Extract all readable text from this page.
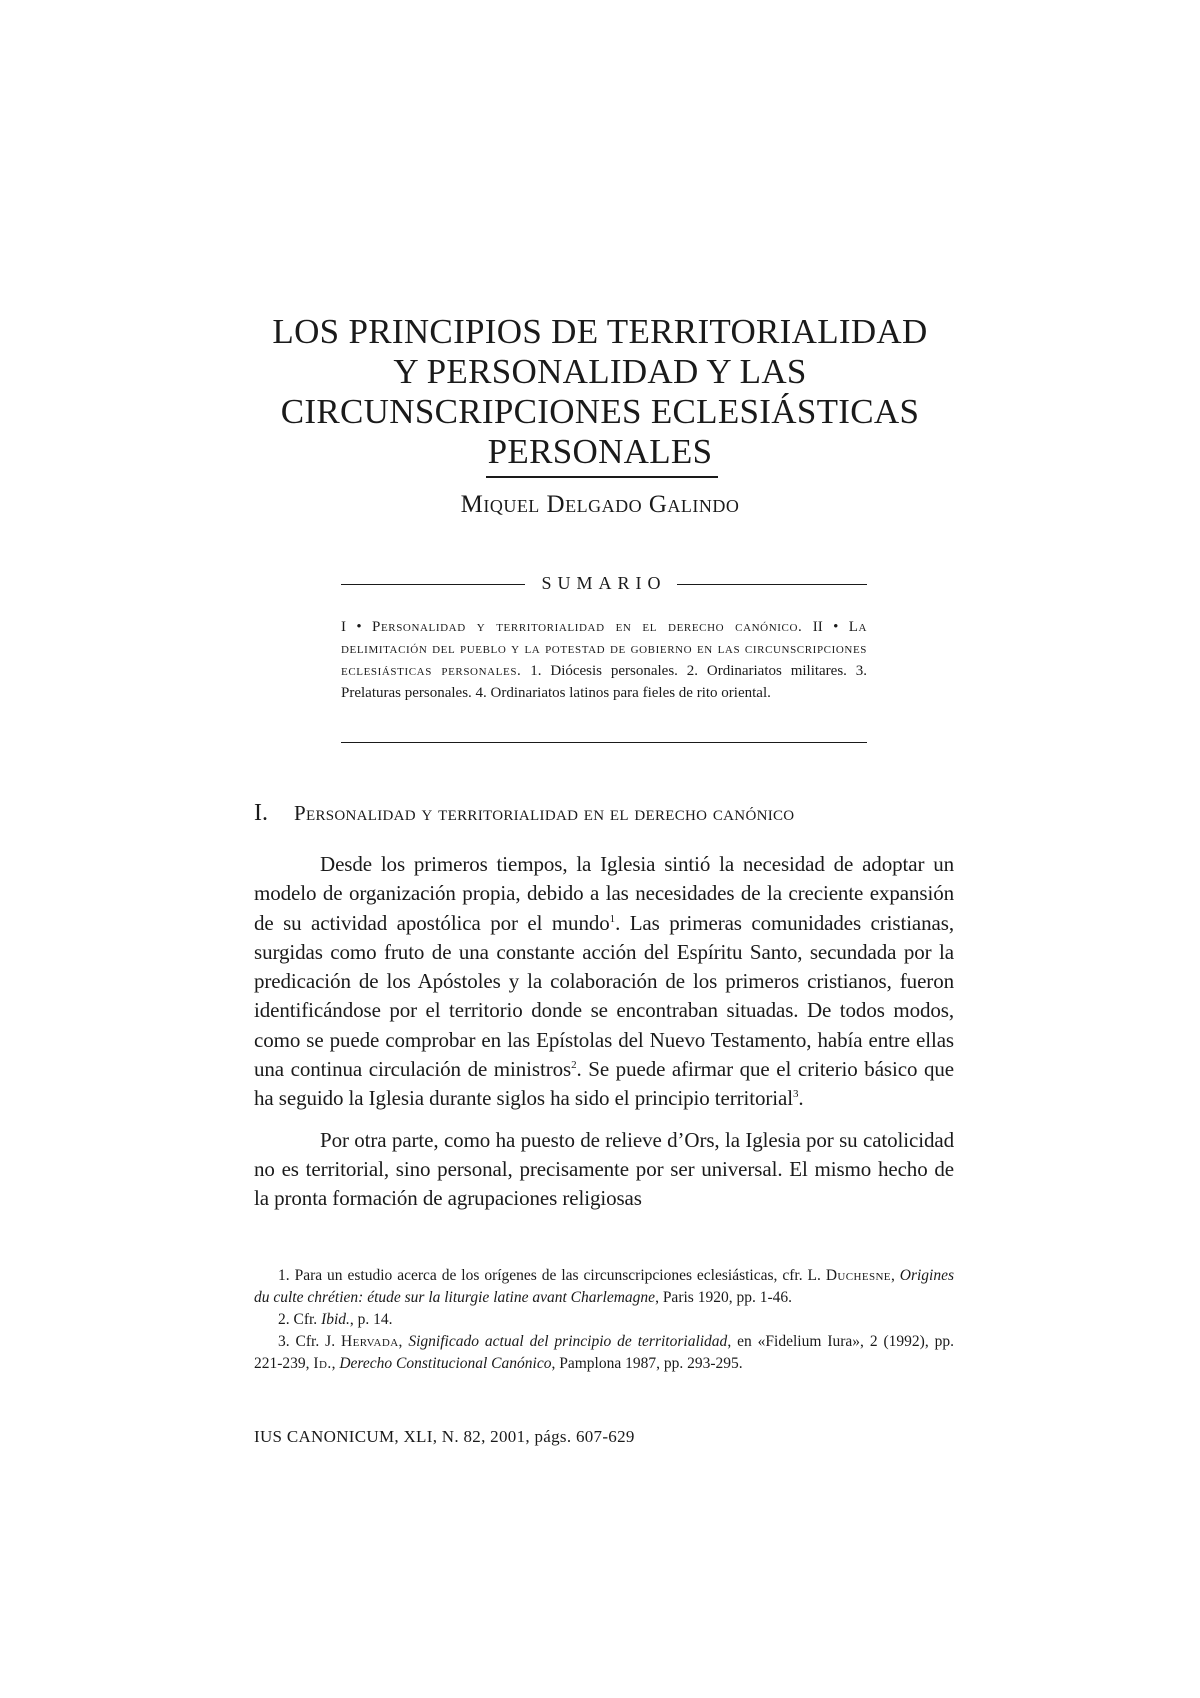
LOS PRINCIPIOS DE TERRITORIALIDAD
Y PERSONALIDAD Y LAS
CIRCUNSCRIPCIONES ECLESIÁSTICAS
PERSONALES
Miquel Delgado Galindo
SUMARIO
I • Personalidad y territorialidad en el derecho canónico. II • La delimitación del pueblo y la potestad de gobierno en las circunscripciones eclesiásticas personales. 1. Diócesis personales. 2. Ordinariatos militares. 3. Prelaturas personales. 4. Ordinariatos latinos para fieles de rito oriental.
I. Personalidad y territorialidad en el derecho canónico

Desde los primeros tiempos, la Iglesia sintió la necesidad de adoptar un modelo de organización propia, debido a las necesidades de la creciente expansión de su actividad apostólica por el mundo$^1$. Las primeras comunidades cristianas, surgidas como fruto de una constante acción del Espíritu Santo, secundada por la predicación de los Apóstoles y la colaboración de los primeros cristianos, fueron identificándose por el territorio donde se encontraban situadas. De todos modos, como se puede comprobar en las Epístolas del Nuevo Testamento, había entre ellas una continua circulación de ministros$^2$. Se puede afirmar que el criterio básico que ha seguido la Iglesia durante siglos ha sido el principio territorial$^3$.

Por otra parte, como ha puesto de relieve d’Ors, la Iglesia por su catolicidad no es territorial, sino personal, precisamente por ser universal. El mismo hecho de la pronta formación de agrupaciones religiosas

1. Para un estudio acerca de los orígenes de las circunscripciones eclesiásticas, cfr. L. Duchesne, Origines du culte chrétien: étude sur la liturgie latine avant Charlemagne, Paris 1920, pp. 1-46.

2. Cfr. Ibid., p. 14.

3. Cfr. J. Hervada, Significado actual del principio de territorialidad, en «Fidelium Iura», 2 (1992), pp. 221-239, Id., Derecho Constitucional Canónico, Pamplona 1987, pp. 293-295.

IUS CANONICUM, XLI, N. 82, 2001, págs. 607-629
